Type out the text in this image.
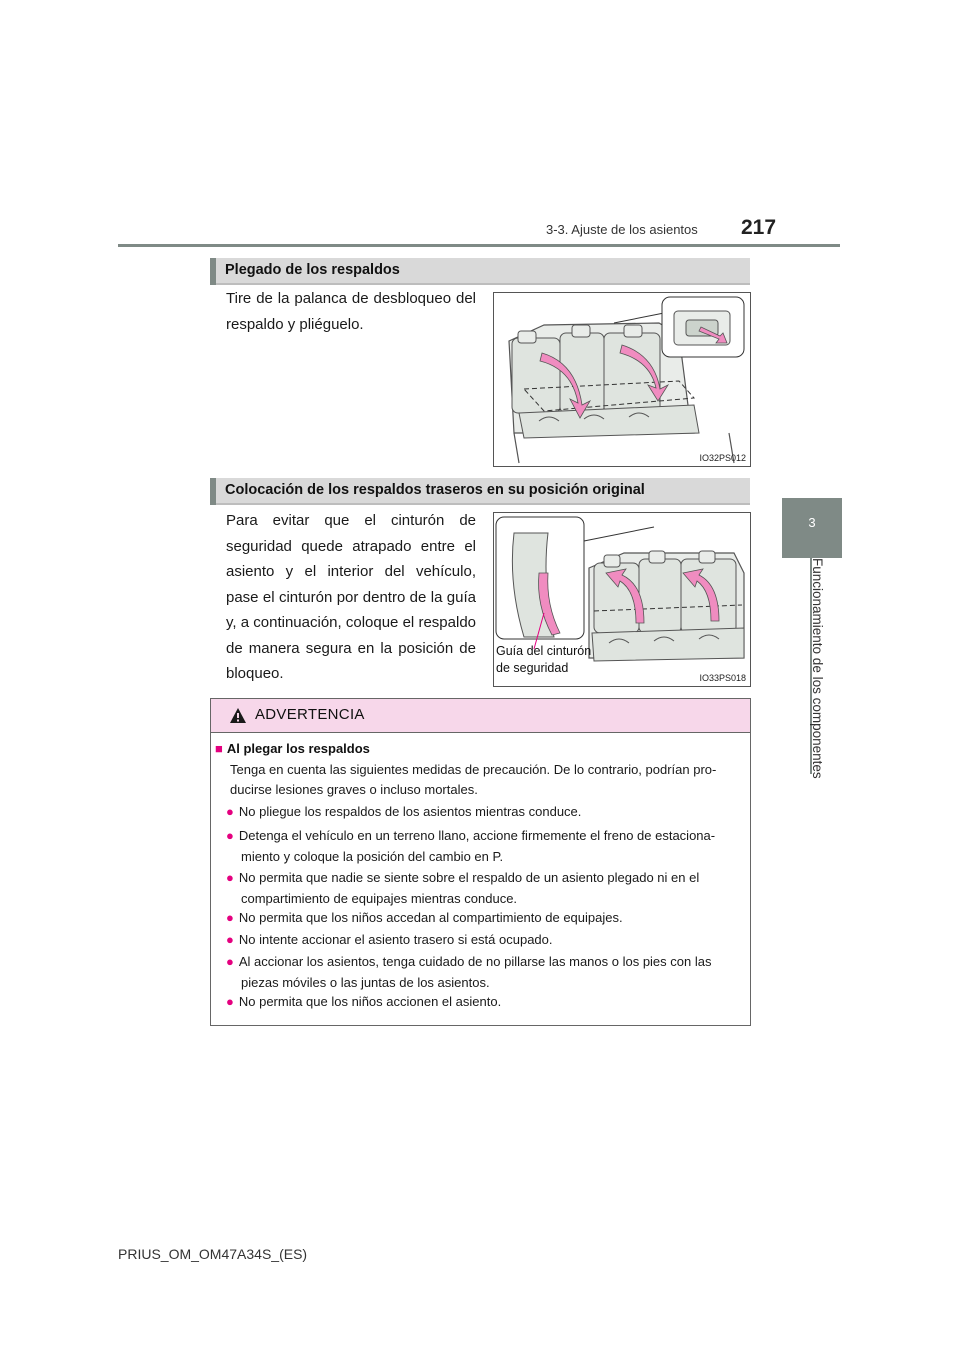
3-3. Ajuste de los asientos 217
3
Funcionamiento de los componentes
Plegado de los respaldos
Tire de la palanca de desbloqueo del respaldo y pliéguelo.
IO32PS012
Colocación de los respaldos traseros en su posición original
Para evitar que el cinturón de seguridad quede atrapado entre el asiento y el interior del vehículo, pase el cinturón por dentro de la guía y, a continuación, coloque el respaldo de manera segura en la posición de bloqueo.
Guía del cinturón
de seguridad
IO33PS018
ADVERTENCIA
■ Al plegar los respaldos
Tenga en cuenta las siguientes medidas de precaución. De lo contrario, podrían pro-
ducirse lesiones graves o incluso mortales.
● No pliegue los respaldos de los asientos mientras conduce.
● Detenga el vehículo en un terreno llano, accione firmemente el freno de estaciona-
miento y coloque la posición del cambio en P.
● No permita que nadie se siente sobre el respaldo de un asiento plegado ni en el
compartimiento de equipajes mientras conduce.
● No permita que los niños accedan al compartimiento de equipajes.
● No intente accionar el asiento trasero si está ocupado.
● Al accionar los asientos, tenga cuidado de no pillarse las manos o los pies con las
piezas móviles o las juntas de los asientos.
● No permita que los niños accionen el asiento.
PRIUS_OM_OM47A34S_(ES)
